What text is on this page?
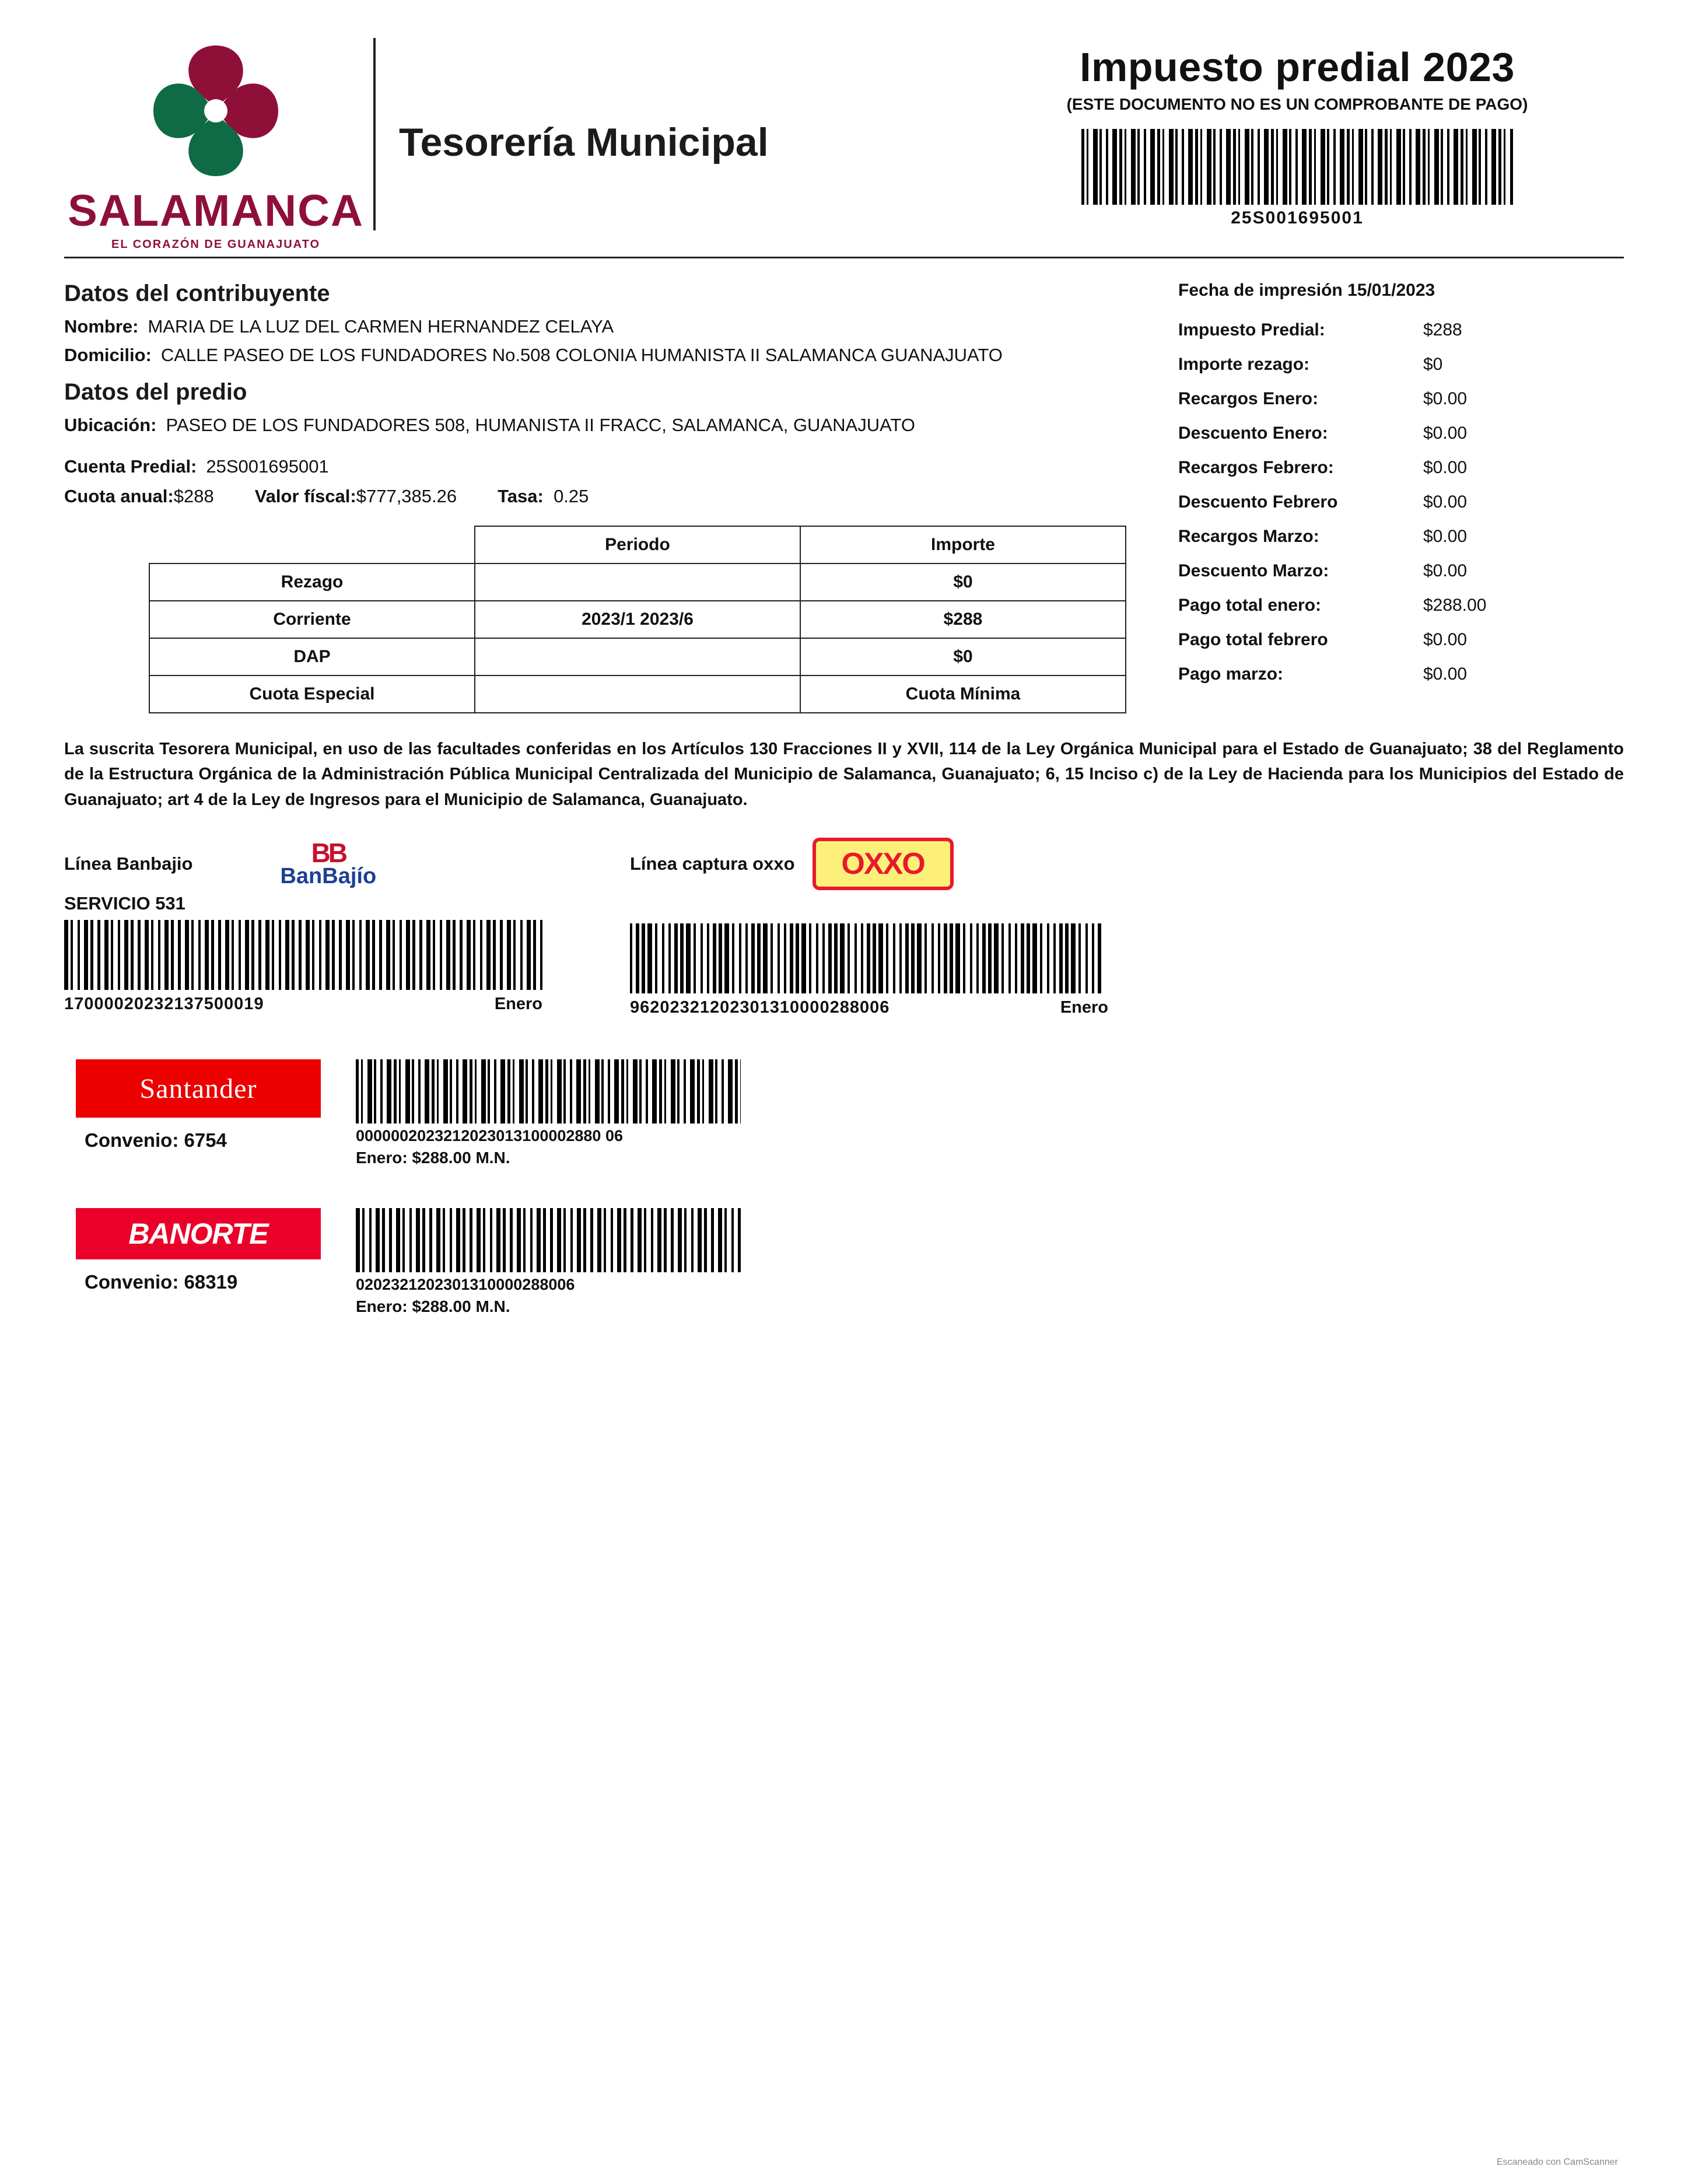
SALAMANCA
EL CORAZÓN DE GUANAJUATO
Tesorería Municipal
Impuesto predial 2023
(ESTE DOCUMENTO NO ES UN COMPROBANTE DE PAGO)
25S001695001
Datos del contribuyente
Nombre: MARIA DE LA LUZ DEL CARMEN HERNANDEZ CELAYA
Domicilio: CALLE PASEO DE LOS FUNDADORES No.508 COLONIA HUMANISTA II SALAMANCA GUANAJUATO
Datos del predio
Ubicación: PASEO DE LOS FUNDADORES 508, HUMANISTA II FRACC, SALAMANCA, GUANAJUATO
Cuenta Predial: 25S001695001
Cuota anual:$288 Valor físcal:$777,385.26 Tasa: 0.25
	Periodo	Importe
Rezago		$0
Corriente	2023/1 2023/6	$288
DAP		$0
Cuota Especial		Cuota Mínima
Fecha de impresión 15/01/2023
Impuesto Predial:	$288
Importe rezago:	$0
Recargos Enero:	$0.00
Descuento Enero:	$0.00
Recargos Febrero:	$0.00
Descuento Febrero	$0.00
Recargos Marzo:	$0.00
Descuento Marzo:	$0.00
Pago total enero:	$288.00
Pago total febrero	$0.00
Pago marzo:	$0.00
La suscrita Tesorera Municipal, en uso de las facultades conferidas en los Artículos 130 Fracciones II y XVII, 114 de la Ley Orgánica Municipal para el Estado de Guanajuato; 38 del Reglamento de la Estructura Orgánica de la Administración Pública Municipal Centralizada del Municipio de Salamanca, Guanajuato; 6, 15 Inciso c) de la Ley de Hacienda para los Municipios del Estado de Guanajuato; art 4 de la Ley de Ingresos para el Municipio de Salamanca, Guanajuato.
Línea Banbajio	BB
BanBajío
SERVICIO 531
17000020232137500019	Enero
Línea captura oxxo	OXXO
96202321202301310000288006	Enero
Santander
Convenio: 6754	0000002023212023013100002880 06
Enero: $288.00 M.N.
BANORTE
Convenio: 68319	0202321202301310000288006
Enero: $288.00 M.N.
Escaneado con CamScanner
